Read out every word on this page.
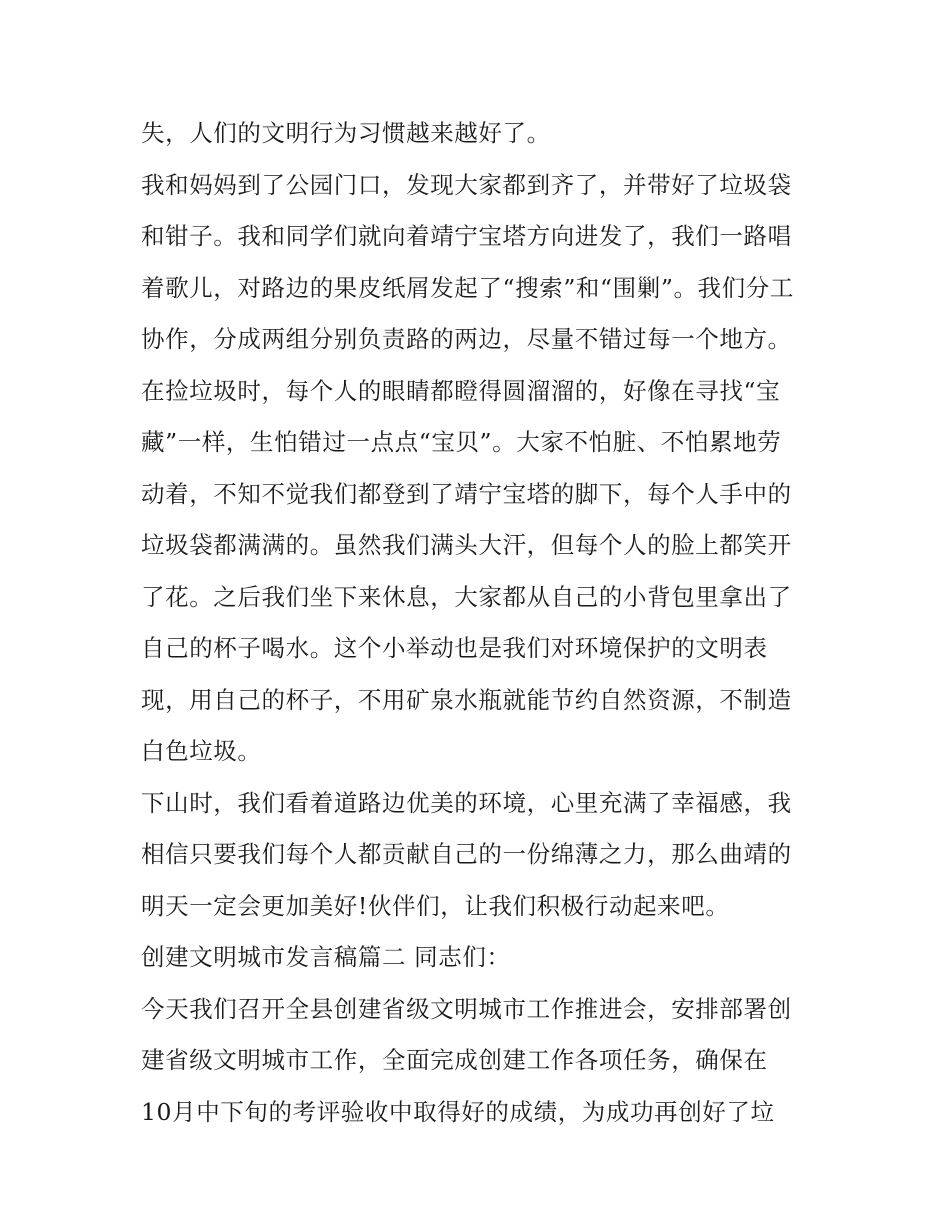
失，人们的文明行为习惯越来越好了。
我和妈妈到了公园门口，发现大家都到齐了，并带好了垃圾袋
和钳子。我和同学们就向着靖宁宝塔方向进发了，我们一路唱
着歌儿，对路边的果皮纸屑发起了“搜索”和“围剿”。我们分工
协作，分成两组分别负责路的两边，尽量不错过每一个地方。
在捡垃圾时，每个人的眼睛都瞪得圆溜溜的，好像在寻找“宝
藏”一样，生怕错过一点点“宝贝”。大家不怕脏、不怕累地劳
动着，不知不觉我们都登到了靖宁宝塔的脚下，每个人手中的
垃圾袋都满满的。虽然我们满头大汗，但每个人的脸上都笑开
了花。之后我们坐下来休息，大家都从自己的小背包里拿出了
自己的杯子喝水。这个小举动也是我们对环境保护的文明表
现，用自己的杯子，不用矿泉水瓶就能节约自然资源，不制造
白色垃圾。
下山时，我们看着道路边优美的环境，心里充满了幸福感，我
相信只要我们每个人都贡献自己的一份绵薄之力，那么曲靖的
明天一定会更加美好!伙伴们，让我们积极行动起来吧。
创建文明城市发言稿篇二 同志们：
今天我们召开全县创建省级文明城市工作推进会，安排部署创
建省级文明城市工作，全面完成创建工作各项任务，确保在
10月中下旬的考评验收中取得好的成绩，为成功再创好了垃
